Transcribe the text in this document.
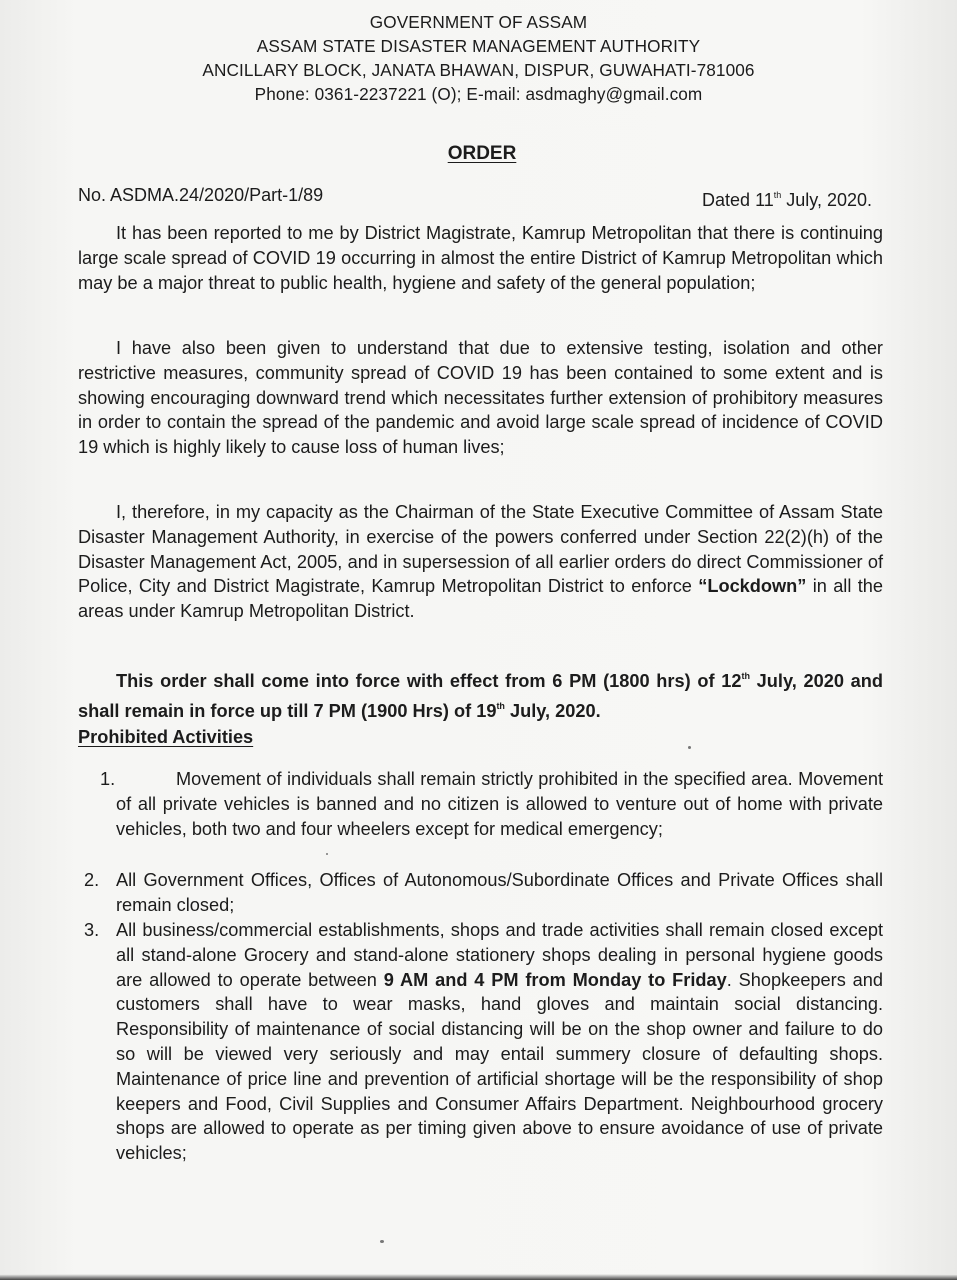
GOVERNMENT OF ASSAM
ASSAM STATE DISASTER MANAGEMENT AUTHORITY
ANCILLARY BLOCK, JANATA BHAWAN, DISPUR, GUWAHATI-781006
Phone: 0361-2237221 (O); E-mail: asdmaghy@gmail.com
ORDER
No. ASDMA.24/2020/Part-1/89	Dated 11th July, 2020.
It has been reported to me by District Magistrate, Kamrup Metropolitan that there is continuing large scale spread of COVID 19 occurring in almost the entire District of Kamrup Metropolitan which may be a major threat to public health, hygiene and safety of the general population;
I have also been given to understand that due to extensive testing, isolation and other restrictive measures, community spread of COVID 19 has been contained to some extent and is showing encouraging downward trend which necessitates further extension of prohibitory measures in order to contain the spread of the pandemic and avoid large scale spread of incidence of COVID 19 which is highly likely to cause loss of human lives;
I, therefore, in my capacity as the Chairman of the State Executive Committee of Assam State Disaster Management Authority, in exercise of the powers conferred under Section 22(2)(h) of the Disaster Management Act, 2005, and in supersession of all earlier orders do direct Commissioner of Police, City and District Magistrate, Kamrup Metropolitan District to enforce “Lockdown” in all the areas under Kamrup Metropolitan District.
This order shall come into force with effect from 6 PM (1800 hrs) of 12th July, 2020 and shall remain in force up till 7 PM (1900 Hrs) of 19th July, 2020.
Prohibited Activities
1.	Movement of individuals shall remain strictly prohibited in the specified area. Movement of all private vehicles is banned and no citizen is allowed to venture out of home with private vehicles, both two and four wheelers except for medical emergency;
2. All Government Offices, Offices of Autonomous/Subordinate Offices and Private Offices shall remain closed;
3. All business/commercial establishments, shops and trade activities shall remain closed except all stand-alone Grocery and stand-alone stationery shops dealing in personal hygiene goods are allowed to operate between 9 AM and 4 PM from Monday to Friday. Shopkeepers and customers shall have to wear masks, hand gloves and maintain social distancing. Responsibility of maintenance of social distancing will be on the shop owner and failure to do so will be viewed very seriously and may entail summery closure of defaulting shops. Maintenance of price line and prevention of artificial shortage will be the responsibility of shop keepers and Food, Civil Supplies and Consumer Affairs Department. Neighbourhood grocery shops are allowed to operate as per timing given above to ensure avoidance of use of private vehicles;
